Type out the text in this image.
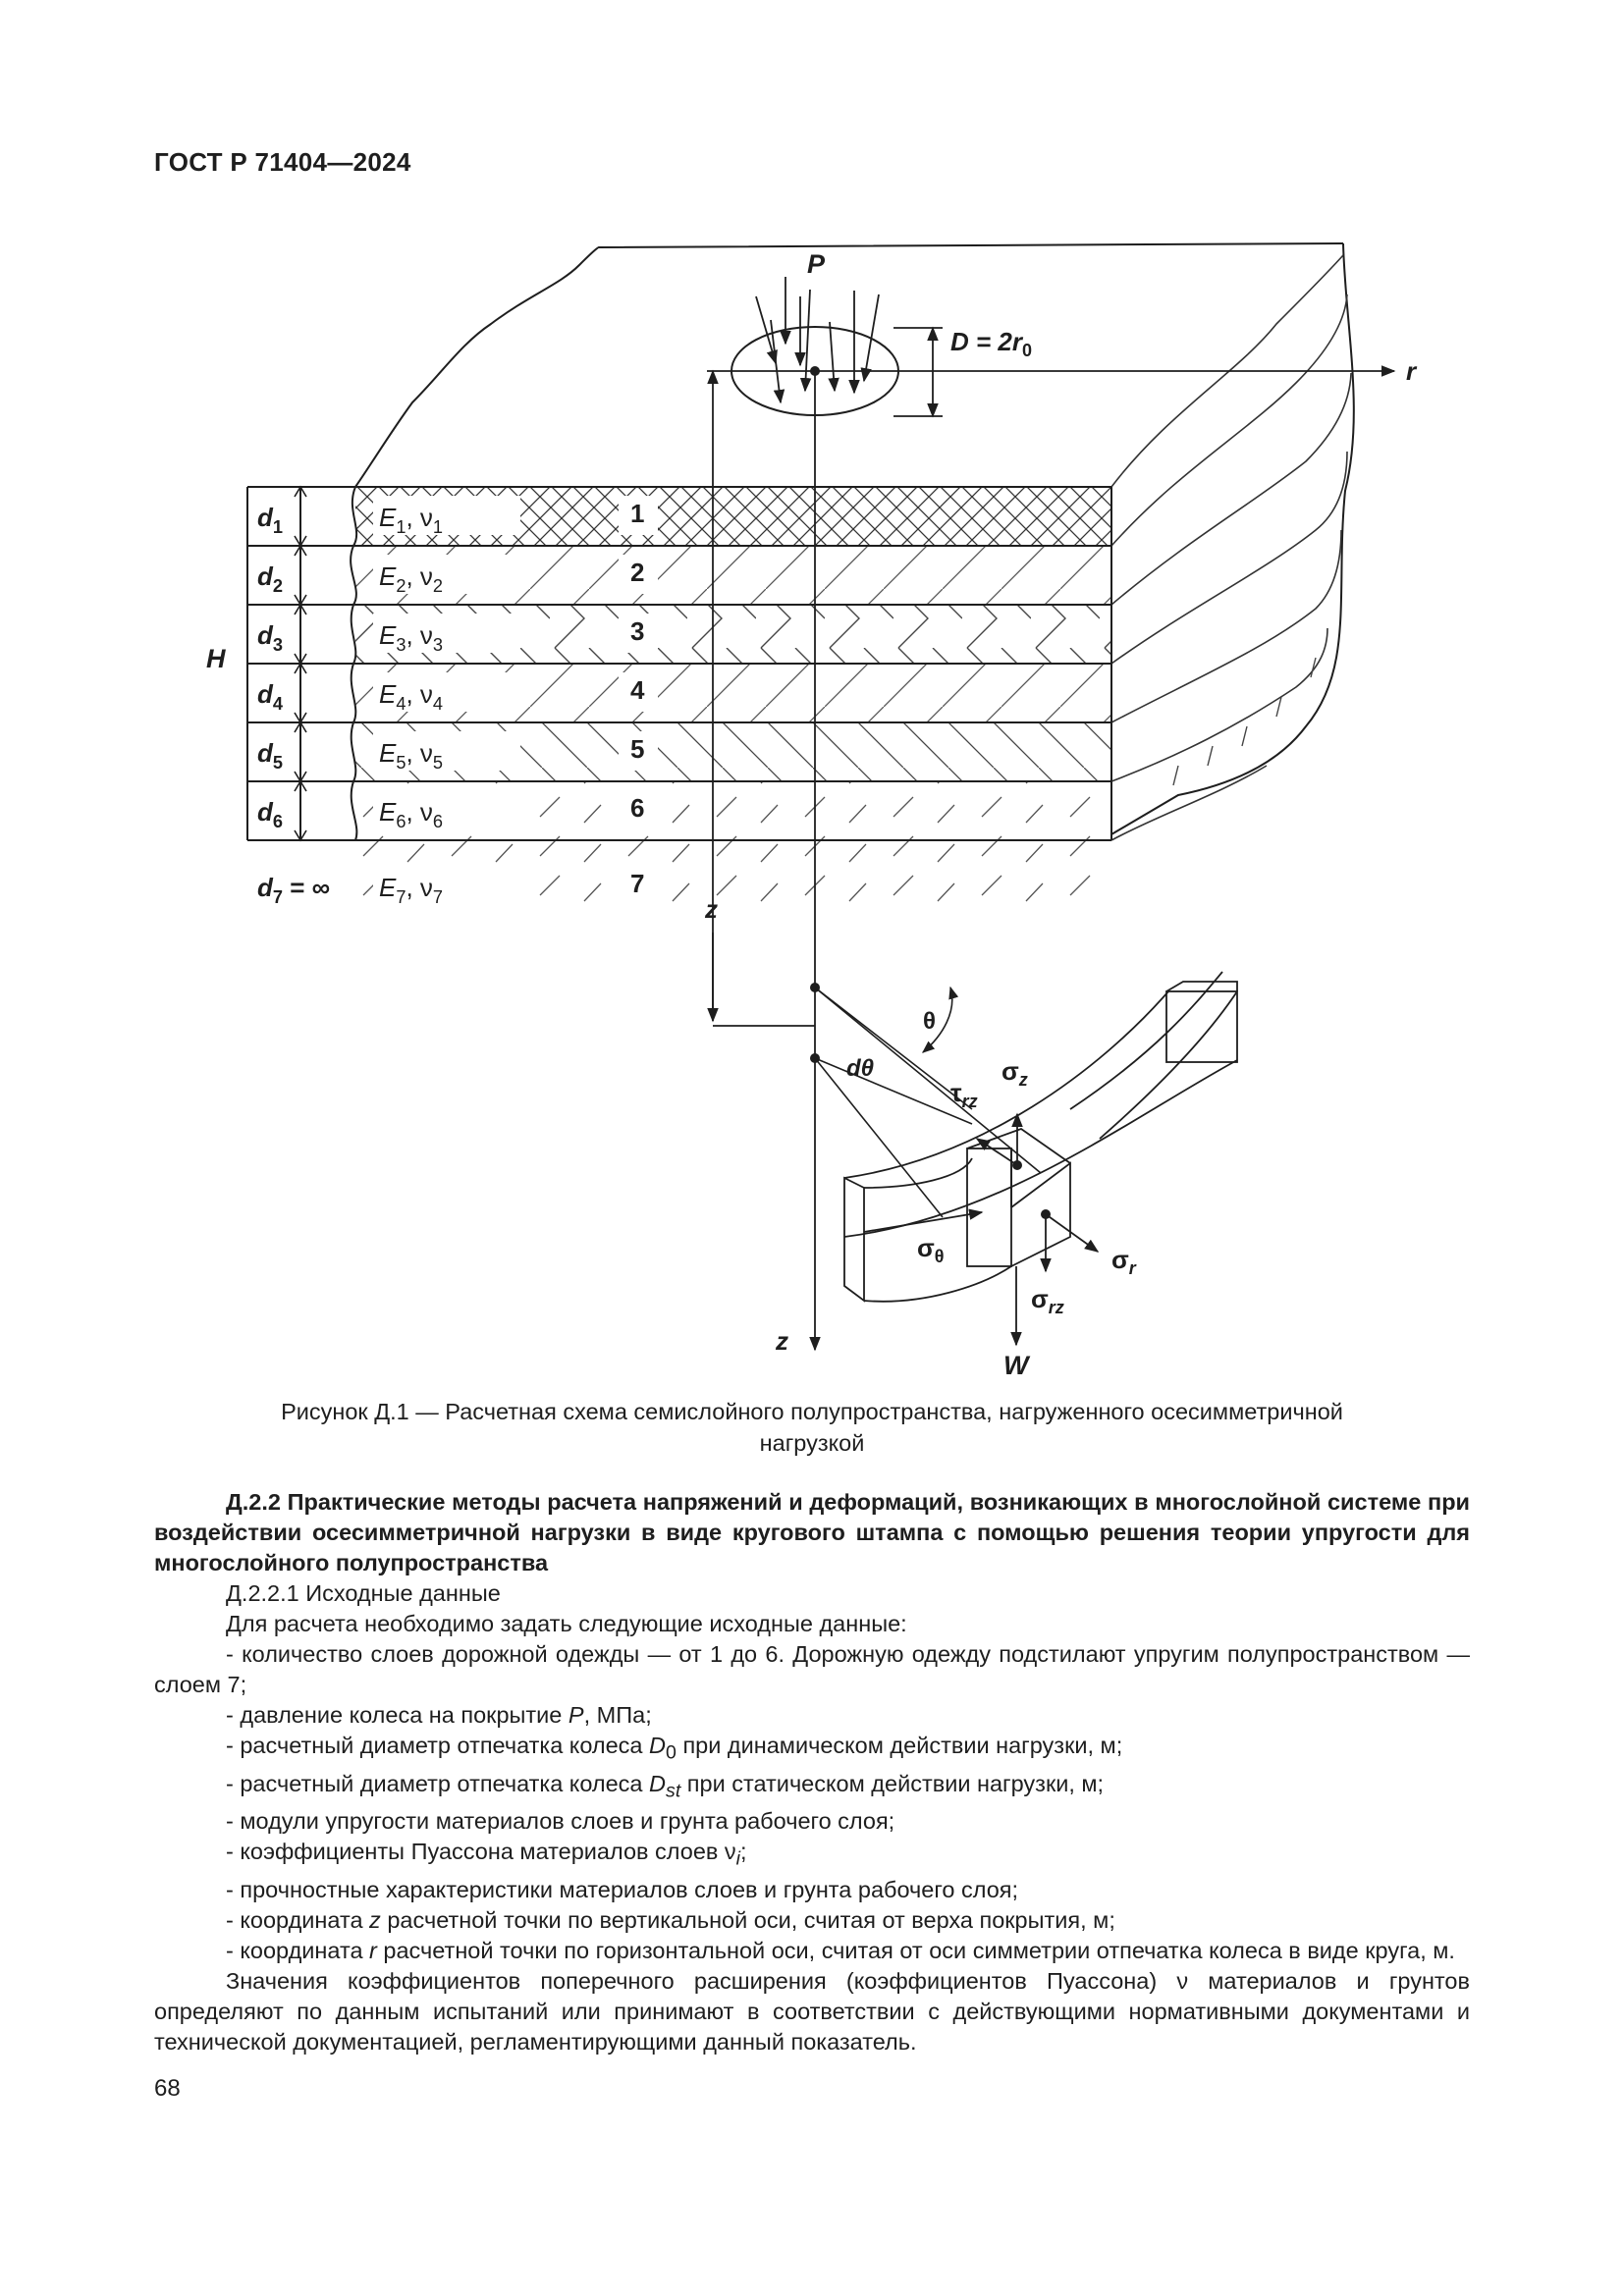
ГОСТ Р 71404—2024
P
$D = 2r_0$
r
z
z
H
θ
dθ
$\tau_{rz}$
$\sigma_z$
$\sigma_r$
$\sigma_\theta$
$\sigma_{rz}$
W
$d_1$	$E_1$, $\nu_1$	1
$d_2$	$E_2$, $\nu_2$	2
$d_3$	$E_3$, $\nu_3$	3
$d_4$	$E_4$, $\nu_4$	4
$d_5$	$E_5$, $\nu_5$	5
$d_6$	$E_6$, $\nu_6$	6
$d_7$ = ∞ $E_7$, $\nu_7$	7
Рисунок Д.1 — Расчетная схема семислойного полупространства, нагруженного осесимметричной
нагрузкой

Д.2.2 Практические методы расчета напряжений и деформаций, возникающих в многослойной системе при воздействии осесимметричной нагрузки в виде кругового штампа с помощью решения теории упругости для многослойного полупространства

Д.2.2.1 Исходные данные

Для расчета необходимо задать следующие исходные данные:

- количество слоев дорожной одежды — от 1 до 6. Дорожную одежду подстилают упругим полупространством — слоем 7;

- давление колеса на покрытие P, МПа;

- расчетный диаметр отпечатка колеса $D_0$ при динамическом действии нагрузки, м;

- расчетный диаметр отпечатка колеса $D_{st}$ при статическом действии нагрузки, м;

- модули упругости материалов слоев и грунта рабочего слоя;

- коэффициенты Пуассона материалов слоев $\nu_i$;

- прочностные характеристики материалов слоев и грунта рабочего слоя;

- координата z расчетной точки по вертикальной оси, считая от верха покрытия, м;

- координата r расчетной точки по горизонтальной оси, считая от оси симметрии отпечатка колеса в виде круга, м.

Значения коэффициентов поперечного расширения (коэффициентов Пуассона) ν материалов и грунтов определяют по данным испытаний или принимают в соответствии с действующими нормативными документами и технической документацией, регламентирующими данный показатель.

68
